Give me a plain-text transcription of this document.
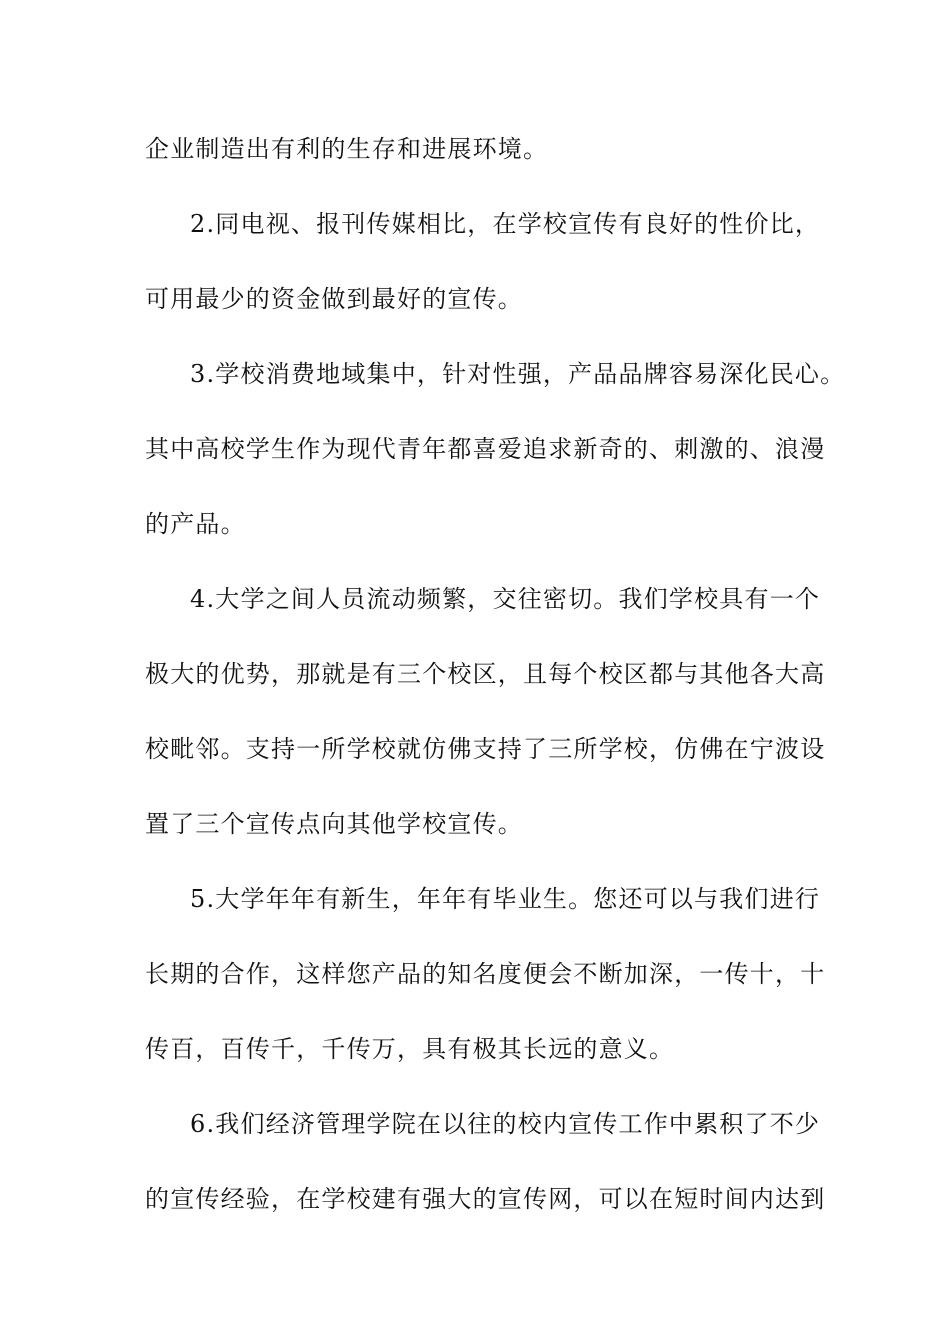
企业制造出有利的生存和进展环境。
2.同电视、报刊传媒相比，在学校宣传有良好的性价比，
可用最少的资金做到最好的宣传。
3.学校消费地域集中，针对性强，产品品牌容易深化民心。
其中高校学生作为现代青年都喜爱追求新奇的、刺激的、浪漫
的产品。
4.大学之间人员流动频繁，交往密切。我们学校具有一个
极大的优势，那就是有三个校区，且每个校区都与其他各大高
校毗邻。支持一所学校就仿佛支持了三所学校，仿佛在宁波设
置了三个宣传点向其他学校宣传。
5.大学年年有新生，年年有毕业生。您还可以与我们进行
长期的合作，这样您产品的知名度便会不断加深，一传十，十
传百，百传千，千传万，具有极其长远的意义。
6.我们经济管理学院在以往的校内宣传工作中累积了不少
的宣传经验，在学校建有强大的宣传网，可以在短时间内达到
